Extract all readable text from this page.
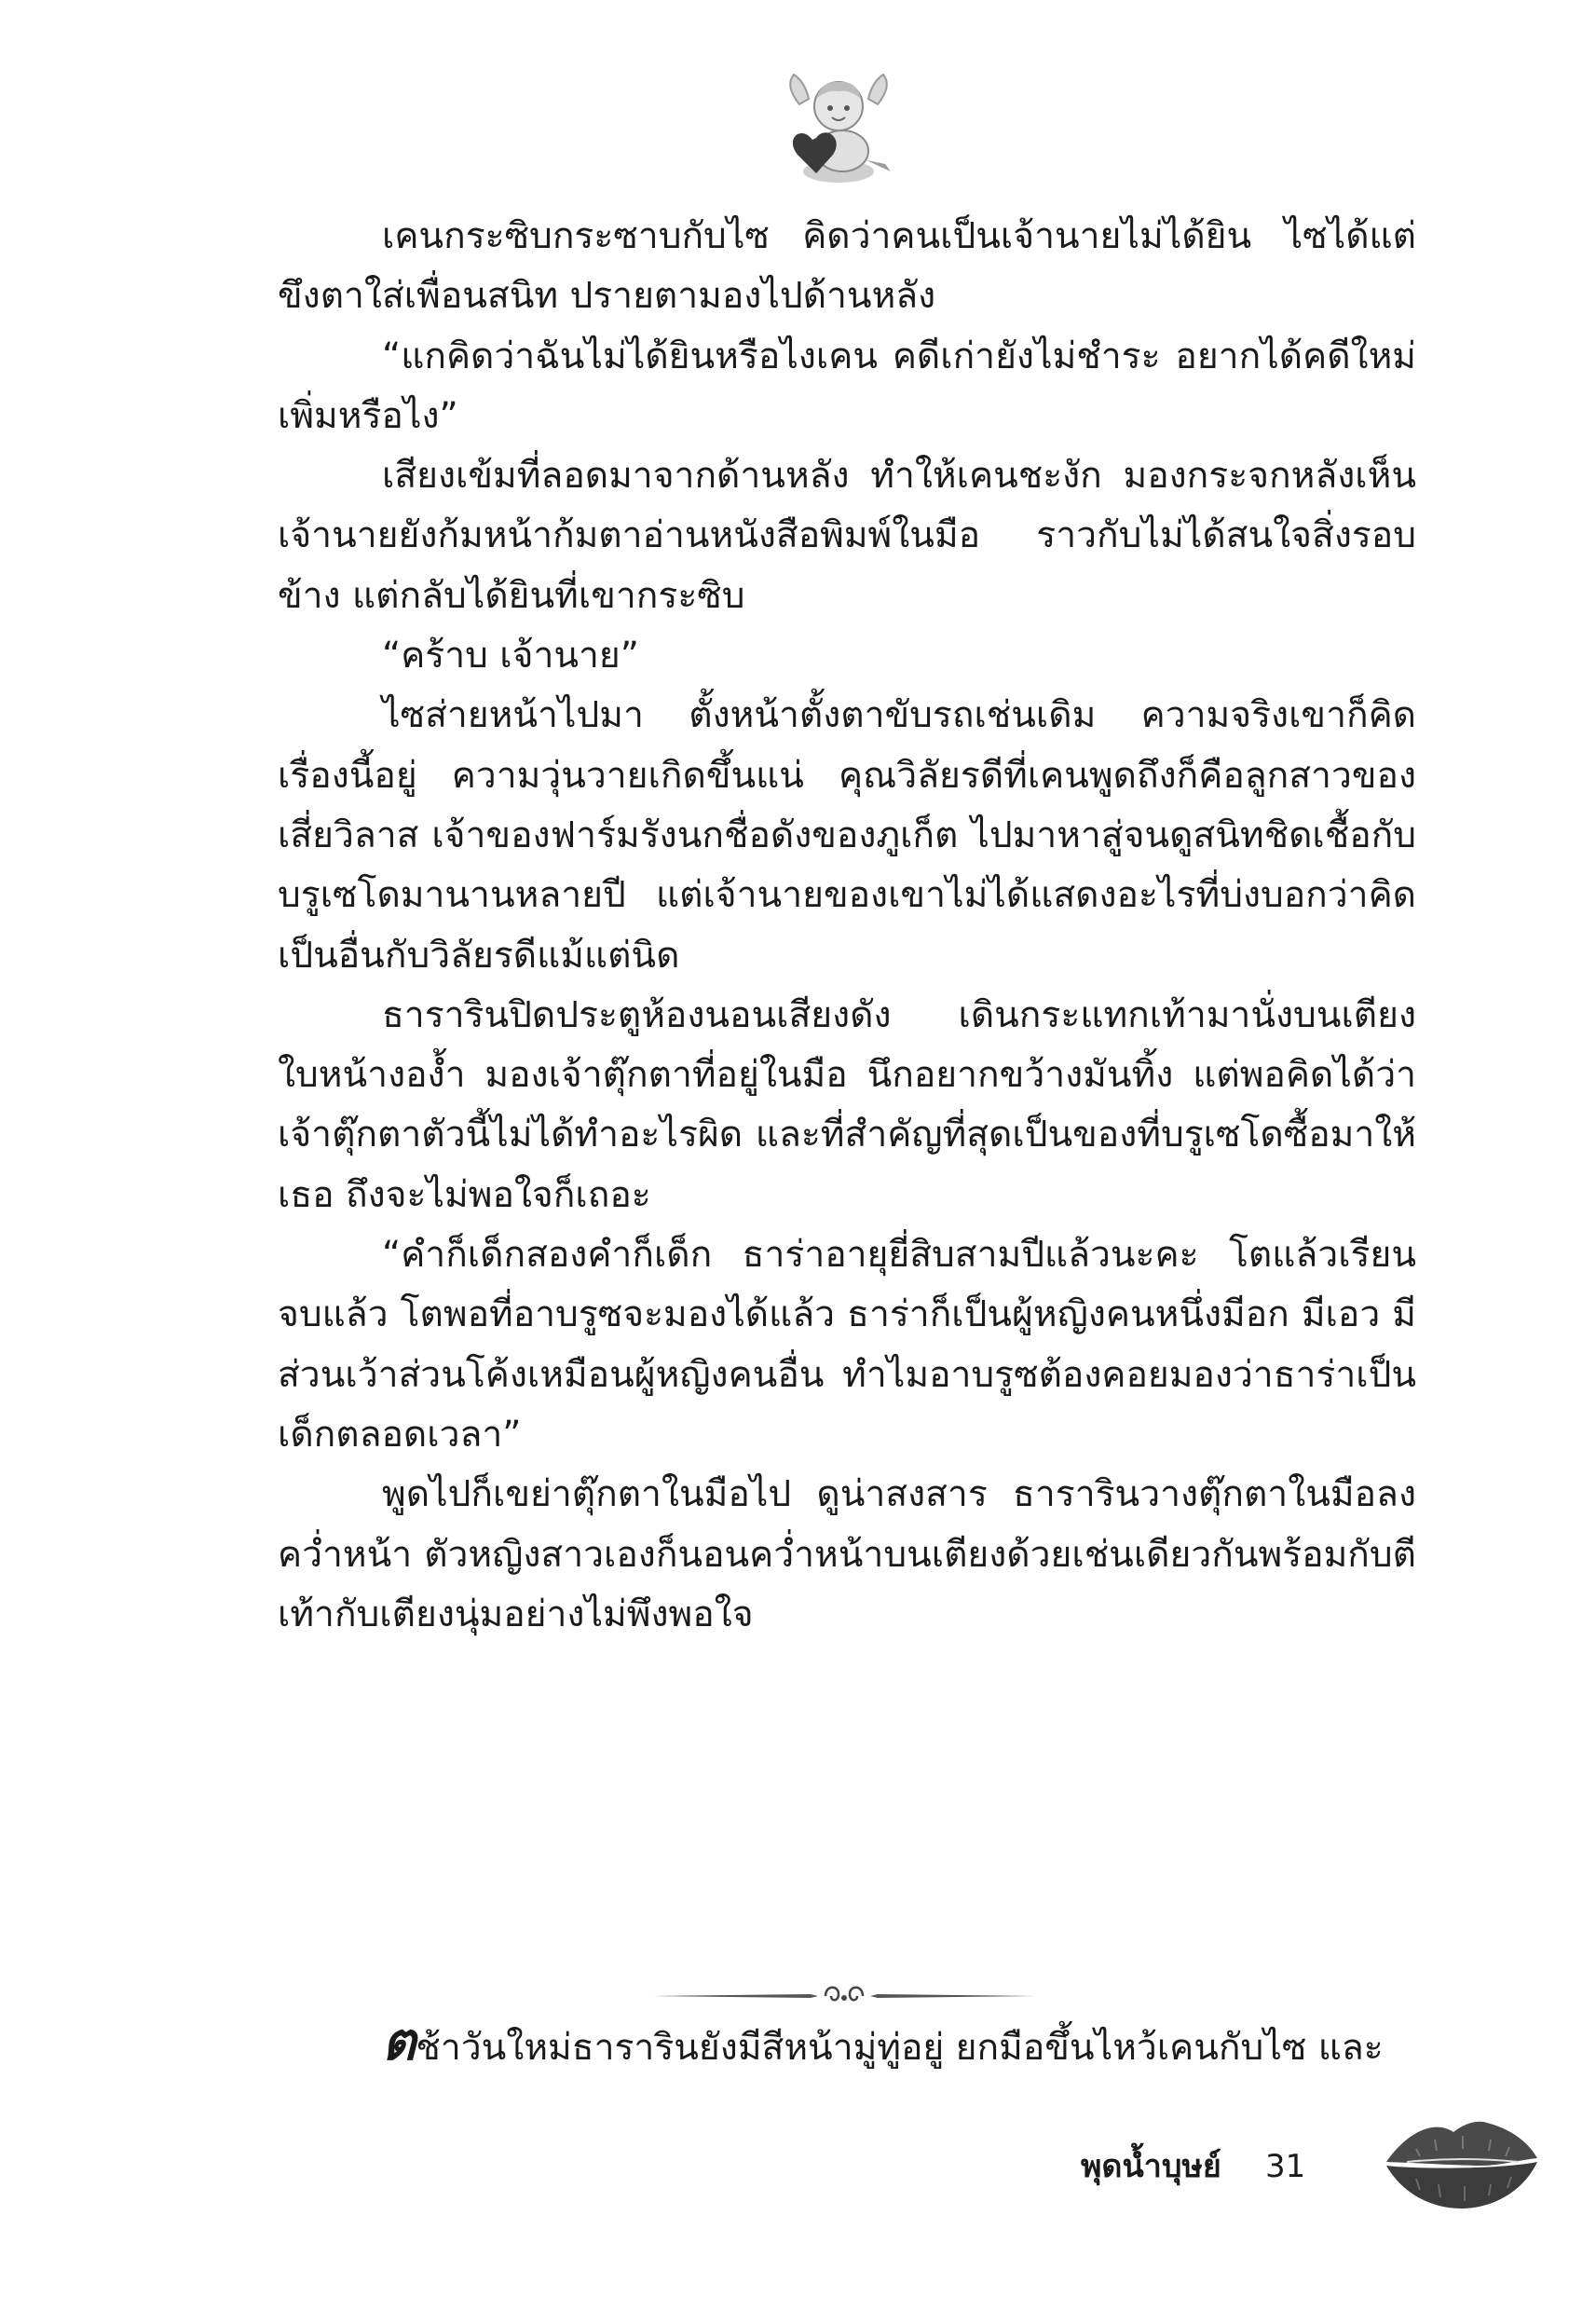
เคนกระซิบกระซาบกับไซ คิดว่าคนเป็นเจ้านายไม่ได้ยิน ไซได้แต่ขึงตาใส่เพื่อนสนิท ปรายตามองไปด้านหลัง

“แกคิดว่าฉันไม่ได้ยินหรือไงเคน คดีเก่ายังไม่ชำระ อยากได้คดีใหม่เพิ่มหรือไง”

เสียงเข้มที่ลอดมาจากด้านหลัง ทำให้เคนชะงัก มองกระจกหลังเห็นเจ้านายยังก้มหน้าก้มตาอ่านหนังสือพิมพ์ในมือ ราวกับไม่ได้สนใจสิ่งรอบข้าง แต่กลับได้ยินที่เขากระซิบ

“คร้าบ เจ้านาย”

ไซส่ายหน้าไปมา ตั้งหน้าตั้งตาขับรถเช่นเดิม ความจริงเขาก็คิดเรื่องนี้อยู่ ความวุ่นวายเกิดขึ้นแน่ คุณวิลัยรดีที่เคนพูดถึงก็คือลูกสาวของเสี่ยวิลาส เจ้าของฟาร์มรังนกชื่อดังของภูเก็ต ไปมาหาสู่จนดูสนิทชิดเชื้อกับบรูเซโดมานานหลายปี แต่เจ้านายของเขาไม่ได้แสดงอะไรที่บ่งบอกว่าคิดเป็นอื่นกับวิลัยรดีแม้แต่นิด

ธารารินปิดประตูห้องนอนเสียงดัง เดินกระแทกเท้ามานั่งบนเตียงใบหน้างอง้ำ มองเจ้าตุ๊กตาที่อยู่ในมือ นึกอยากขว้างมันทิ้ง แต่พอคิดได้ว่าเจ้าตุ๊กตาตัวนี้ไม่ได้ทำอะไรผิด และที่สำคัญที่สุดเป็นของที่บรูเซโดซื้อมาให้เธอ ถึงจะไม่พอใจก็เถอะ

“คำก็เด็กสองคำก็เด็ก ธาร่าอายุยี่สิบสามปีแล้วนะคะ โตแล้วเรียนจบแล้ว โตพอที่อาบรูซจะมองได้แล้ว ธาร่าก็เป็นผู้หญิงคนหนึ่งมีอก มีเอว มีส่วนเว้าส่วนโค้งเหมือนผู้หญิงคนอื่น ทำไมอาบรูซต้องคอยมองว่าธาร่าเป็นเด็กตลอดเวลา”

พูดไปก็เขย่าตุ๊กตาในมือไป ดูน่าสงสาร ธารารินวางตุ๊กตาในมือลงคว่ำหน้า ตัวหญิงสาวเองก็นอนคว่ำหน้าบนเตียงด้วยเช่นเดียวกันพร้อมกับตีเท้ากับเตียงนุ่มอย่างไม่พึงพอใจ

ตช้าวันใหม่ธารารินยังมีสีหน้ามู่ทู่อยู่ ยกมือขึ้นไหว้เคนกับไซ และ

พุดน้ำบุษย์ 31
